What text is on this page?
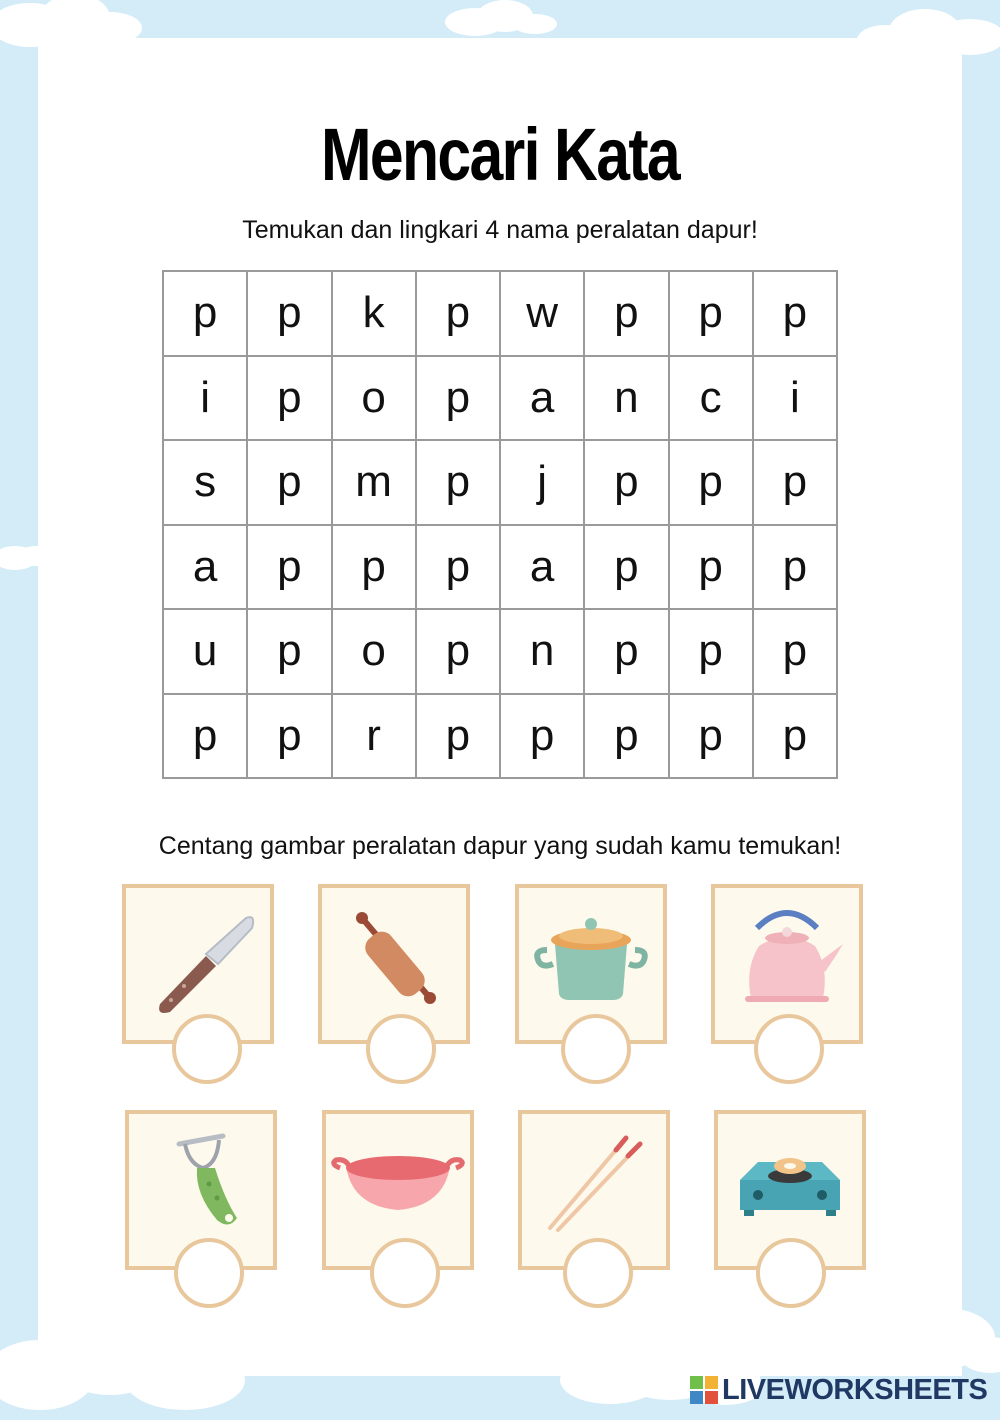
Mencari Kata

Temukan dan lingkari 4 nama peralatan dapur!

p	p	k	p	w	p	p	p
i	p	o	p	a	n	c	i
s	p	m	p	j	p	p	p
a	p	p	p	a	p	p	p
u	p	o	p	n	p	p	p
p	p	r	p	p	p	p	p

Centang gambar peralatan dapur yang sudah kamu temukan!

LIVEWORKSHEETS
